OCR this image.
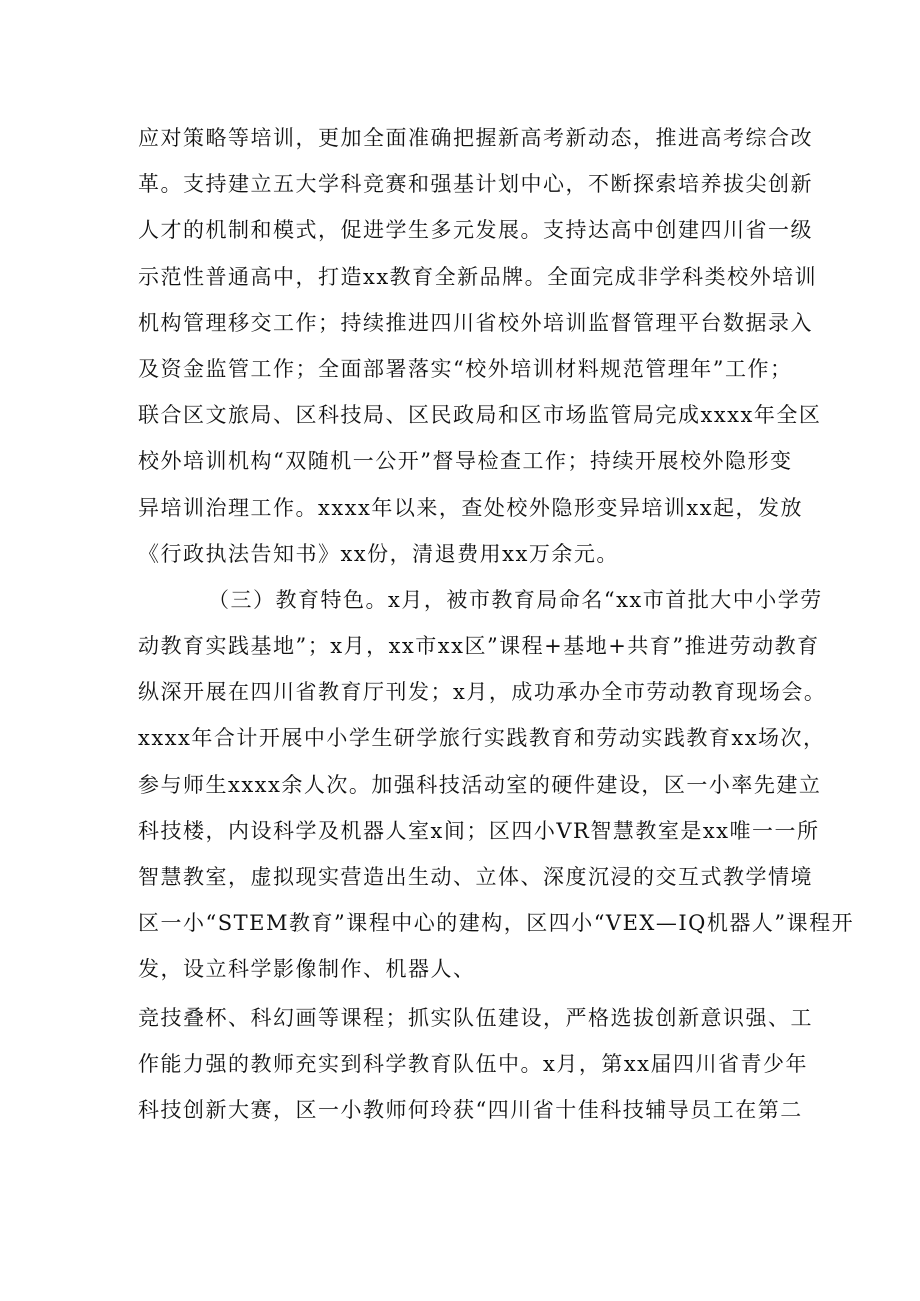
应对策略等培训，更加全面准确把握新高考新动态，推进高考综合改
革。支持建立五大学科竞赛和强基计划中心，不断探索培养拔尖创新
人才的机制和模式，促进学生多元发展。支持达高中创建四川省一级
示范性普通高中，打造xx教育全新品牌。全面完成非学科类校外培训
机构管理移交工作；持续推进四川省校外培训监督管理平台数据录入
及资金监管工作；全面部署落实“校外培训材料规范管理年”工作；
联合区文旅局、区科技局、区民政局和区市场监管局完成xxxx年全区
校外培训机构“双随机一公开”督导检查工作；持续开展校外隐形变
异培训治理工作。xxxx年以来，查处校外隐形变异培训xx起，发放
《行政执法告知书》xx份，清退费用xx万余元。
（三）教育特色。x月，被市教育局命名“xx市首批大中小学劳
动教育实践基地”；x月，xx市xx区”课程+基地+共育”推进劳动教育
纵深开展在四川省教育厅刊发；x月，成功承办全市劳动教育现场会。
xxxx年合计开展中小学生研学旅行实践教育和劳动实践教育xx场次，
参与师生xxxx余人次。加强科技活动室的硬件建设，区一小率先建立
科技楼，内设科学及机器人室x间；区四小VR智慧教室是xx唯一一所
智慧教室，虚拟现实营造出生动、立体、深度沉浸的交互式教学情境
区一小“STEM教育”课程中心的建构，区四小“VEX—IQ机器人”课程开
发，设立科学影像制作、机器人、
竞技叠杯、科幻画等课程；抓实队伍建设，严格选拔创新意识强、工
作能力强的教师充实到科学教育队伍中。x月，第xx届四川省青少年
科技创新大赛，区一小教师何玲获“四川省十佳科技辅导员工在第二
